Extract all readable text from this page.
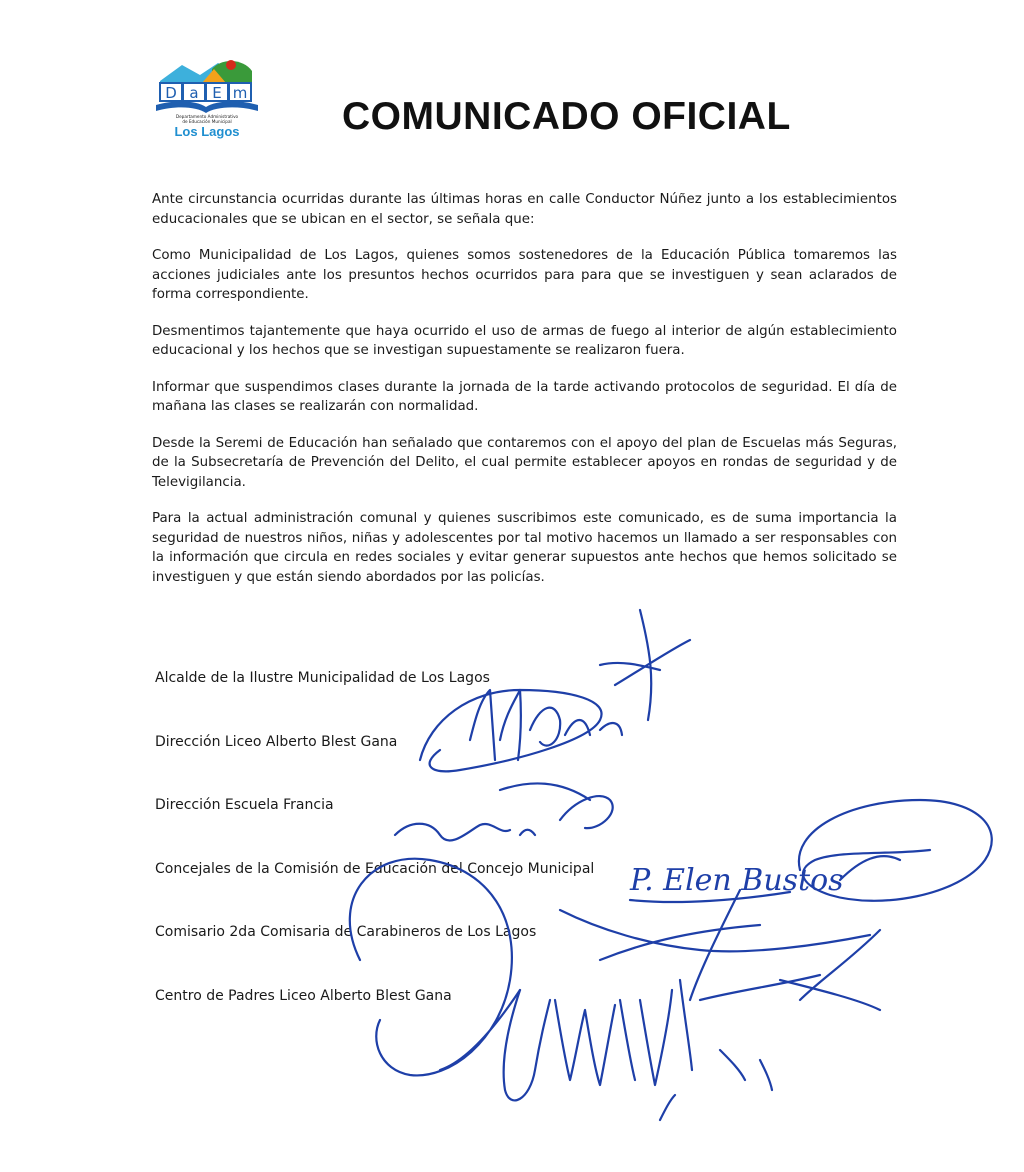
D a E m
Departamento Administrativo
de Educación Municipal
Los Lagos	COMUNICADO OFICIAL

Ante circunstancia ocurridas durante las últimas horas en calle Conductor Núñez junto a los establecimientos educacionales que se ubican en el sector, se señala que:

Como Municipalidad de Los Lagos, quienes somos sostenedores de la Educación Pública tomaremos las acciones judiciales ante los presuntos hechos ocurridos para para que se investiguen y sean aclarados de forma correspondiente.

Desmentimos tajantemente que haya ocurrido el uso de armas de fuego al interior de algún establecimiento educacional y los hechos que se investigan supuestamente se realizaron fuera.

Informar que suspendimos clases durante la jornada de la tarde activando protocolos de seguridad. El día de mañana las clases se realizarán con normalidad.

Desde la Seremi de Educación han señalado que contaremos con el apoyo del plan de Escuelas más Seguras, de la Subsecretaría de Prevención del Delito, el cual permite establecer apoyos en rondas de seguridad y de Televigilancia.

Para la actual administración comunal y quienes suscribimos este comunicado, es de suma importancia la seguridad de nuestros niños, niñas y adolescentes por tal motivo hacemos un llamado a ser responsables con la información que circula en redes sociales y evitar generar supuestos ante hechos que hemos solicitado se investiguen y que están siendo abordados por las policías.

Alcalde de la Ilustre Municipalidad de Los Lagos
Dirección Liceo Alberto Blest Gana
Dirección Escuela Francia
Concejales de la Comisión de Educación del Concejo Municipal
Comisario 2da Comisaria de Carabineros de Los Lagos
Centro de Padres Liceo Alberto Blest Gana
P. Elen Bustos
